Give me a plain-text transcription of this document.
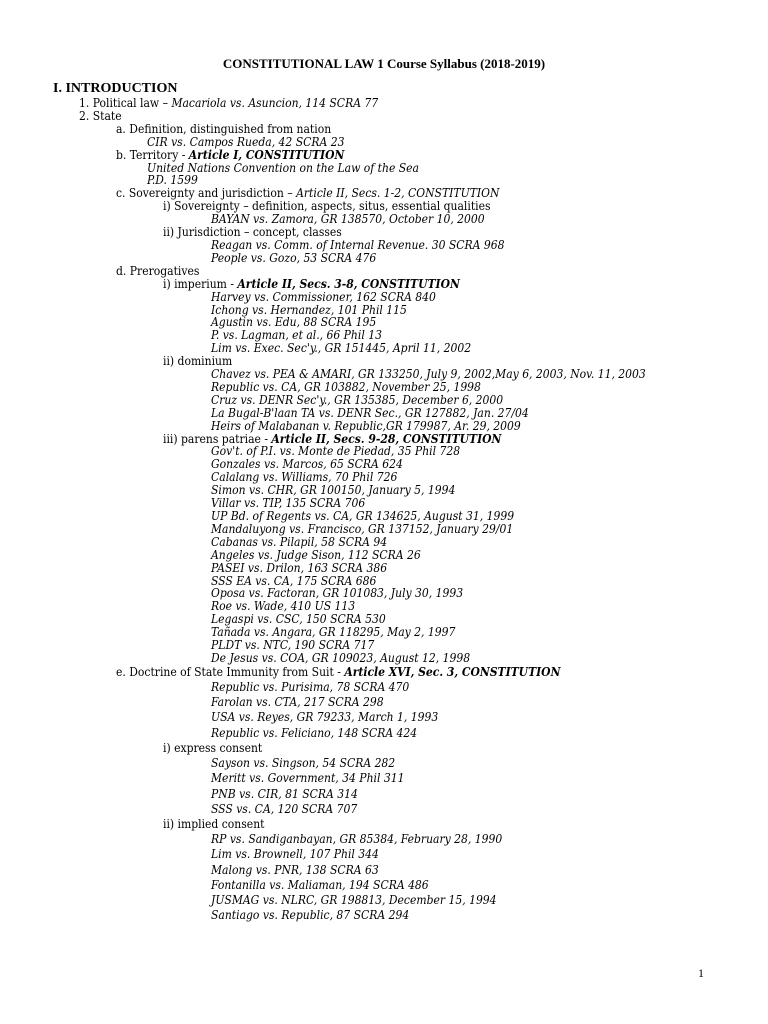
CONSTITUTIONAL LAW 1 Course Syllabus (2018-2019)
I. INTRODUCTION
1. Political law – Macariola vs. Asuncion, 114 SCRA 77
2. State
a. Definition, distinguished from nation
CIR vs. Campos Rueda, 42 SCRA 23
b. Territory - Article I, CONSTITUTION
United Nations Convention on the Law of the Sea
P.D. 1599
c. Sovereignty and jurisdiction – Article II, Secs. 1-2, CONSTITUTION
i) Sovereignty – definition, aspects, situs, essential qualities
BAYAN vs. Zamora, GR 138570, October 10, 2000
ii) Jurisdiction – concept, classes
Reagan vs. Comm. of Internal Revenue. 30 SCRA 968
People vs. Gozo, 53 SCRA 476
d. Prerogatives
i) imperium - Article II, Secs. 3-8, CONSTITUTION
Harvey vs. Commissioner, 162 SCRA 840
Ichong vs. Hernandez, 101 Phil 115
Agustin vs. Edu, 88 SCRA 195
P. vs. Lagman, et al., 66 Phil 13
Lim vs. Exec. Sec'y., GR 151445, April 11, 2002
ii) dominium
Chavez vs. PEA & AMARI, GR 133250, July 9, 2002,May 6, 2003, Nov. 11, 2003
Republic vs. CA, GR 103882, November 25, 1998
Cruz vs. DENR Sec'y., GR 135385, December 6, 2000
La Bugal-B'laan TA vs. DENR Sec., GR 127882, Jan. 27/04
Heirs of Malabanan v. Republic,GR 179987, Ar. 29, 2009
iii) parens patriae - Article II, Secs. 9-28, CONSTITUTION
Gov't. of P.I. vs. Monte de Piedad, 35 Phil 728
Gonzales vs. Marcos, 65 SCRA 624
Calalang vs. Williams, 70 Phil 726
Simon vs. CHR, GR 100150, January 5, 1994
Villar vs. TIP, 135 SCRA 706
UP Bd. of Regents vs. CA, GR 134625, August 31, 1999
Mandaluyong vs. Francisco, GR 137152, January 29/01
Cabanas vs. Pilapil, 58 SCRA 94
Angeles vs. Judge Sison, 112 SCRA 26
PASEI vs. Drilon, 163 SCRA 386
SSS EA vs. CA, 175 SCRA 686
Oposa vs. Factoran, GR 101083, July 30, 1993
Roe vs. Wade, 410 US 113
Legaspi vs. CSC, 150 SCRA 530
Tañada vs. Angara, GR 118295, May 2, 1997
PLDT vs. NTC, 190 SCRA 717
De Jesus vs. COA, GR 109023, August 12, 1998
e. Doctrine of State Immunity from Suit - Article XVI, Sec. 3, CONSTITUTION
Republic vs. Purisima, 78 SCRA 470
Farolan vs. CTA, 217 SCRA 298
USA vs. Reyes, GR 79233, March 1, 1993
Republic vs. Feliciano, 148 SCRA 424
i) express consent
Sayson vs. Singson, 54 SCRA 282
Meritt vs. Government, 34 Phil 311
PNB vs. CIR, 81 SCRA 314
SSS vs. CA, 120 SCRA 707
ii) implied consent
RP vs. Sandiganbayan, GR 85384, February 28, 1990
Lim vs. Brownell, 107 Phil 344
Malong vs. PNR, 138 SCRA 63
Fontanilla vs. Maliaman, 194 SCRA 486
JUSMAG vs. NLRC, GR 198813, December 15, 1994
Santiago vs. Republic, 87 SCRA 294
1
